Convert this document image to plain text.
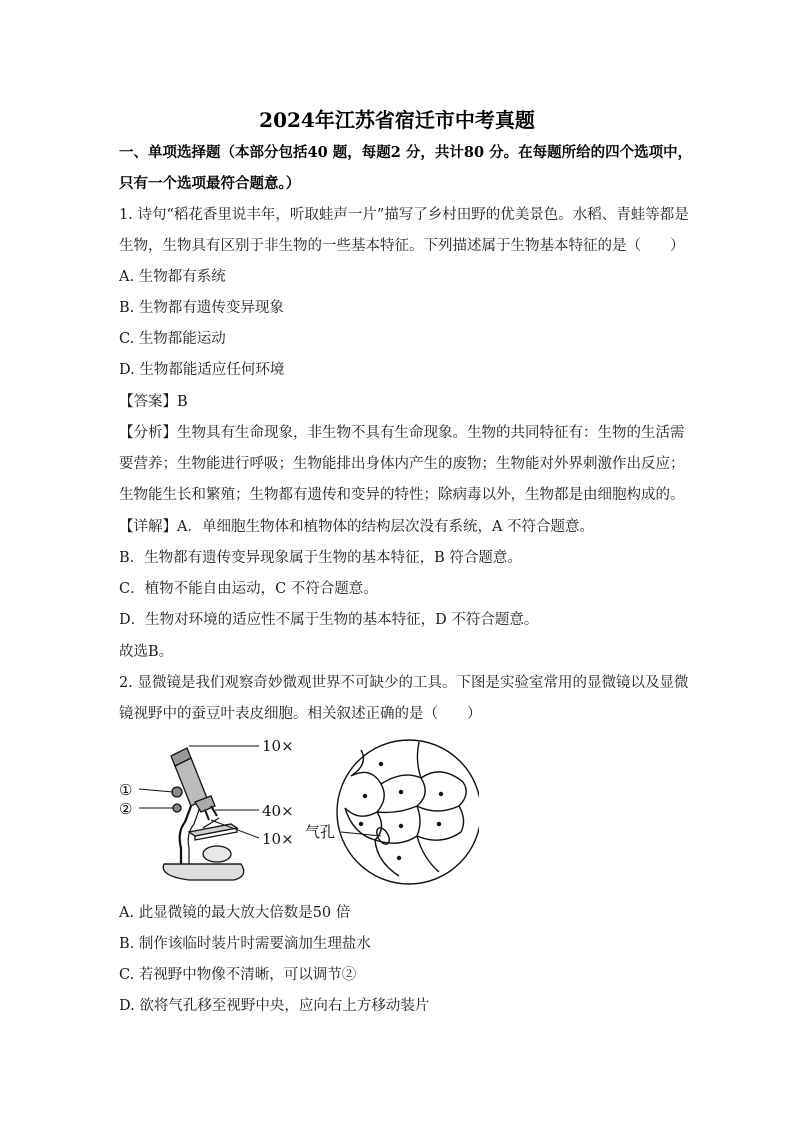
2024年江苏省宿迁市中考真题
一、单项选择题（本部分包括40 题，每题2 分，共计80 分。在每题所给的四个选项中，
只有一个选项最符合题意。）
1. 诗句“稻花香里说丰年，听取蛙声一片”描写了乡村田野的优美景色。水稻、青蛙等都是
生物，生物具有区别于非生物的一些基本特征。下列描述属于生物基本特征的是（　　）
A. 生物都有系统
B. 生物都有遗传变异现象
C. 生物都能运动
D. 生物都能适应任何环境
【答案】B
【分析】生物具有生命现象，非生物不具有生命现象。生物的共同特征有：生物的生活需
要营养；生物能进行呼吸；生物能排出身体内产生的废物；生物能对外界刺激作出反应；
生物能生长和繁殖；生物都有遗传和变异的特性；除病毒以外，生物都是由细胞构成的。
【详解】A．单细胞生物体和植物体的结构层次没有系统，A 不符合题意。
B．生物都有遗传变异现象属于生物的基本特征，B 符合题意。
C．植物不能自由运动，C 不符合题意。
D．生物对环境的适应性不属于生物的基本特征，D 不符合题意。
故选B。
2. 显微镜是我们观察奇妙微观世界不可缺少的工具。下图是实验室常用的显微镜以及显微
镜视野中的蚕豆叶表皮细胞。相关叙述正确的是（　　）
10×
①
②	40×
10× 气孔
A. 此显微镜的最大放大倍数是50 倍
B. 制作该临时装片时需要滴加生理盐水
C. 若视野中物像不清晰，可以调节②
D. 欲将气孔移至视野中央，应向右上方移动装片
